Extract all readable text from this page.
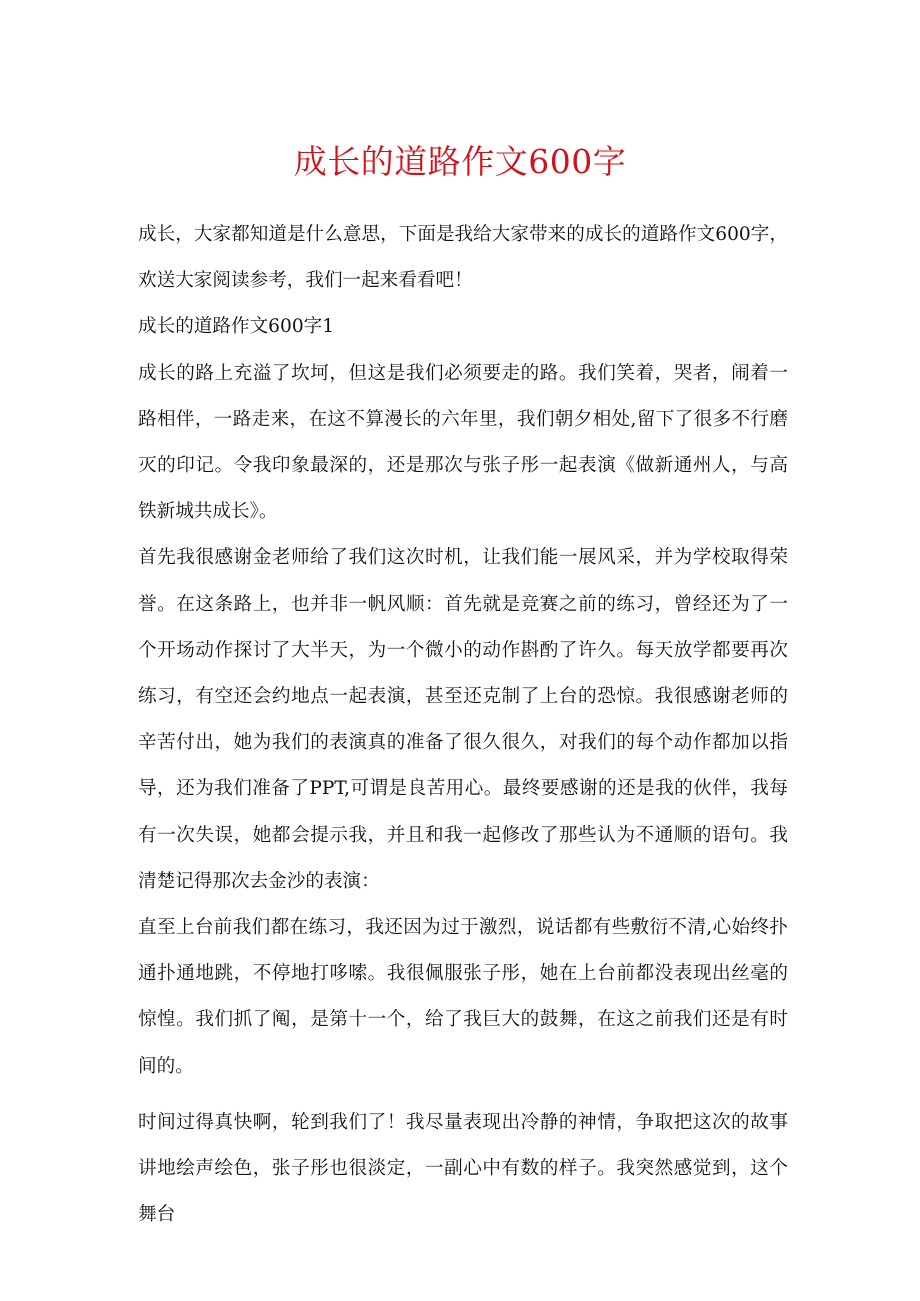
成长的道路作文600字

成长，大家都知道是什么意思，下面是我给大家带来的成长的道路作文600字，欢送大家阅读参考，我们一起来看看吧！

成长的道路作文600字1

成长的路上充溢了坎坷，但这是我们必须要走的路。我们笑着，哭者，闹着一路相伴，一路走来，在这不算漫长的六年里，我们朝夕相处,留下了很多不行磨灭的印记。令我印象最深的，还是那次与张子彤一起表演《做新通州人，与高铁新城共成长》。

首先我很感谢金老师给了我们这次时机，让我们能一展风采，并为学校取得荣誉。在这条路上，也并非一帆风顺：首先就是竞赛之前的练习，曾经还为了一个开场动作探讨了大半天，为一个微小的动作斟酌了许久。每天放学都要再次练习，有空还会约地点一起表演，甚至还克制了上台的恐惊。我很感谢老师的辛苦付出，她为我们的表演真的准备了很久很久，对我们的每个动作都加以指导，还为我们准备了PPT,可谓是良苦用心。最终要感谢的还是我的伙伴，我每有一次失误，她都会提示我，并且和我一起修改了那些认为不通顺的语句。我清楚记得那次去金沙的表演：

直至上台前我们都在练习，我还因为过于激烈，说话都有些敷衍不清,心始终扑通扑通地跳，不停地打哆嗦。我很佩服张子彤，她在上台前都没表现出丝毫的惊惶。我们抓了阄，是第十一个，给了我巨大的鼓舞，在这之前我们还是有时间的。

时间过得真快啊，轮到我们了！我尽量表现出冷静的神情，争取把这次的故事讲地绘声绘色，张子彤也很淡定，一副心中有数的样子。我突然感觉到，这个舞台
